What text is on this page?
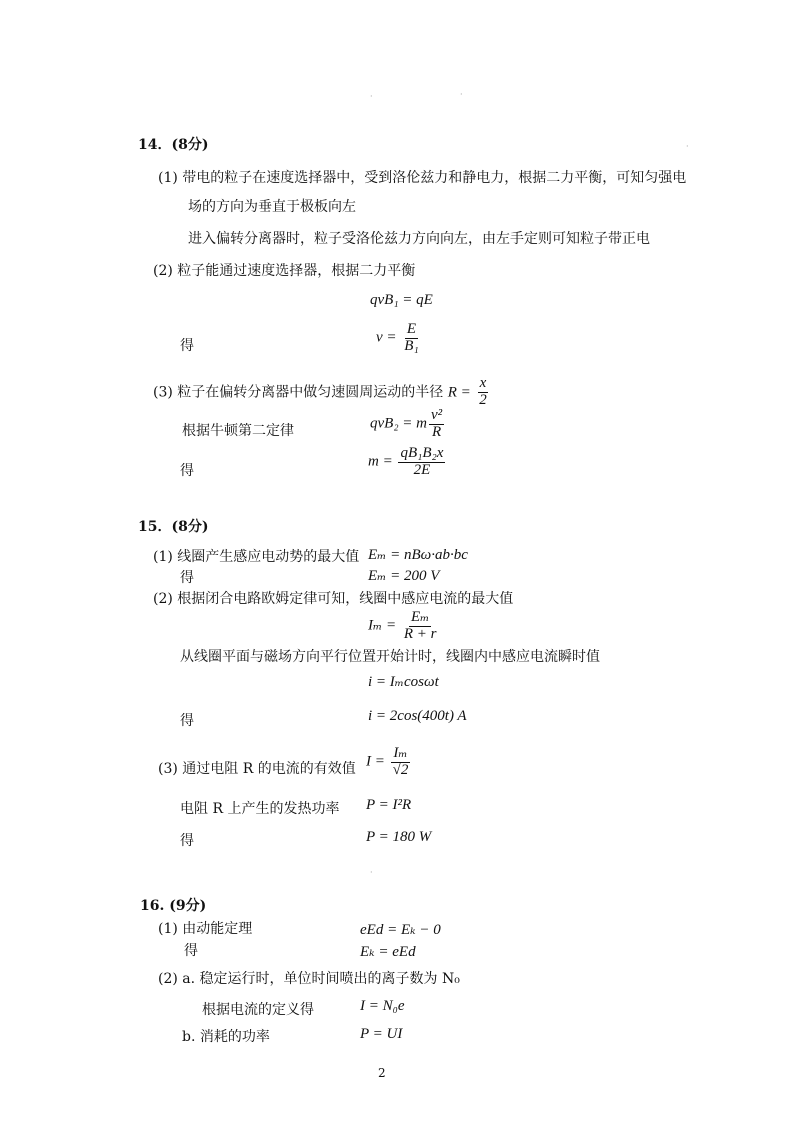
·	·
·
·
14．(8分)
(1) 带电的粒子在速度选择器中，受到洛伦兹力和静电力，根据二力平衡，可知匀强电
场的方向为垂直于极板向左
进入偏转分离器时，粒子受洛伦兹力方向向左，由左手定则可知粒子带正电
(2) 粒子能通过速度选择器，根据二力平衡
qvB₁ = qE
得
$v = \frac{E}{\text{B₁}}$
(3) 粒子在偏转分离器中做匀速圆周运动的半径 $R = \frac{x}{2}$
根据牛顿第二定律	qvB₂ = m $\frac{\text{v²}}{R}$
得
$m = \frac{\text{qB₁B₂x}}{2E}$
15．(8分)
(1) 线圈产生感应电动势的最大值 Eₘ = nBω·ab·bc
得	Eₘ = 200 V
(2) 根据闭合电路欧姆定律可知，线圈中感应电流的最大值
$I_m = \frac{\text{Eₘ}}{R + r}$
从线圈平面与磁场方向平行位置开始计时，线圈内中感应电流瞬时值
i = Iₘcosωt
得	i = 2cos(400t) A
(3) 通过电阻 R 的电流的有效值 $I = \frac{\text{Iₘ}}{√2}$
电阻 R 上产生的发热功率 P = I²R
得	P = 180 W
16. (9分)
(1) 由动能定理	eEd = Eₖ − 0
得	Eₖ = eEd
(2) a. 稳定运行时，单位时间喷出的离子数为 N₀
根据电流的定义得	I = N₀e
b. 消耗的功率	P = UI
2
